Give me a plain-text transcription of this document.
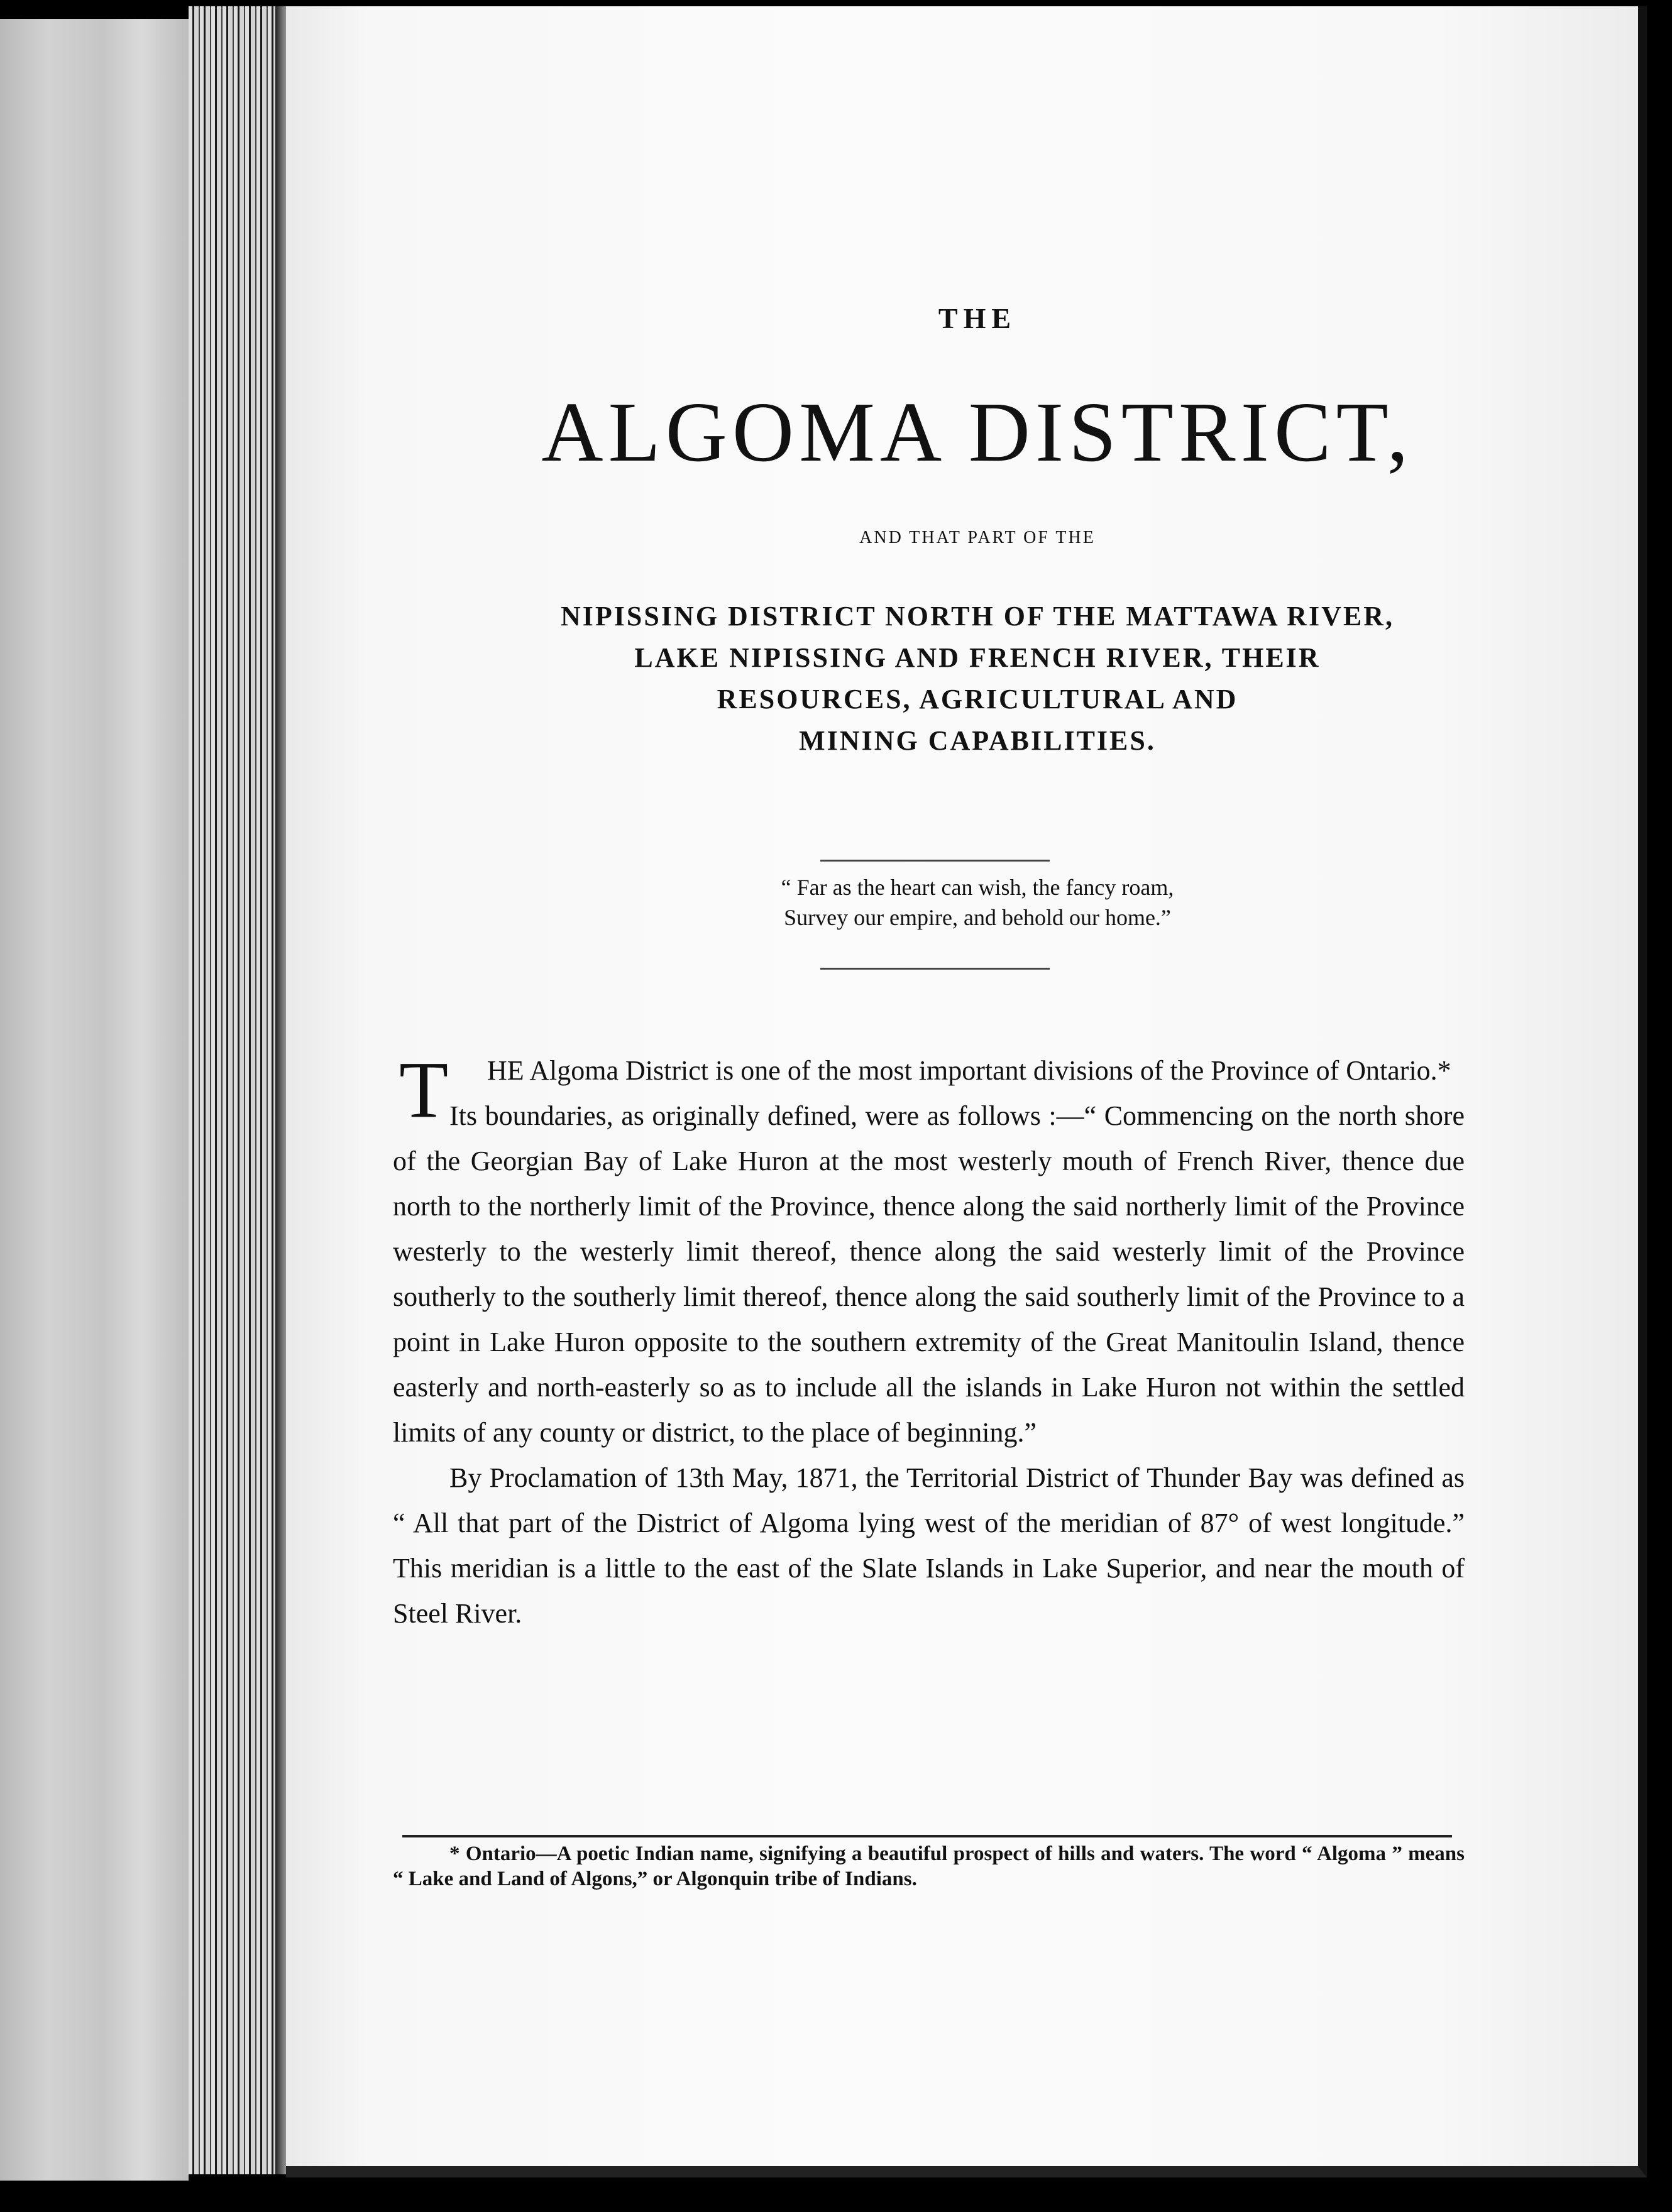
THE
ALGOMA DISTRICT,
AND THAT PART OF THE
NIPISSING DISTRICT NORTH OF THE MATTAWA RIVER,
LAKE NIPISSING AND FRENCH RIVER, THEIR
RESOURCES, AGRICULTURAL AND
MINING CAPABILITIES.
“ Far as the heart can wish, the fancy roam,
Survey our empire, and behold our home.”

T HE Algoma District is one of the most important divisions of the Province of Ontario.*

Its boundaries, as originally defined, were as follows :—“ Commencing on the north shore of the Georgian Bay of Lake Huron at the most westerly mouth of French River, thence due north to the northerly limit of the Province, thence along the said northerly limit of the Province westerly to the westerly limit thereof, thence along the said westerly limit of the Province southerly to the southerly limit thereof, thence along the said southerly limit of the Province to a point in Lake Huron opposite to the southern extremity of the Great Manitoulin Island, thence easterly and north-easterly so as to include all the islands in Lake Huron not within the settled limits of any county or district, to the place of beginning.”

By Proclamation of 13th May, 1871, the Territorial District of Thunder Bay was defined as “ All that part of the District of Algoma lying west of the meridian of 87° of west longitude.” This meridian is a little to the east of the Slate Islands in Lake Superior, and near the mouth of Steel River.

* Ontario—A poetic Indian name, signifying a beautiful prospect of hills and waters. The word “ Algoma ” means “ Lake and Land of Algons,” or Algonquin tribe of Indians.
